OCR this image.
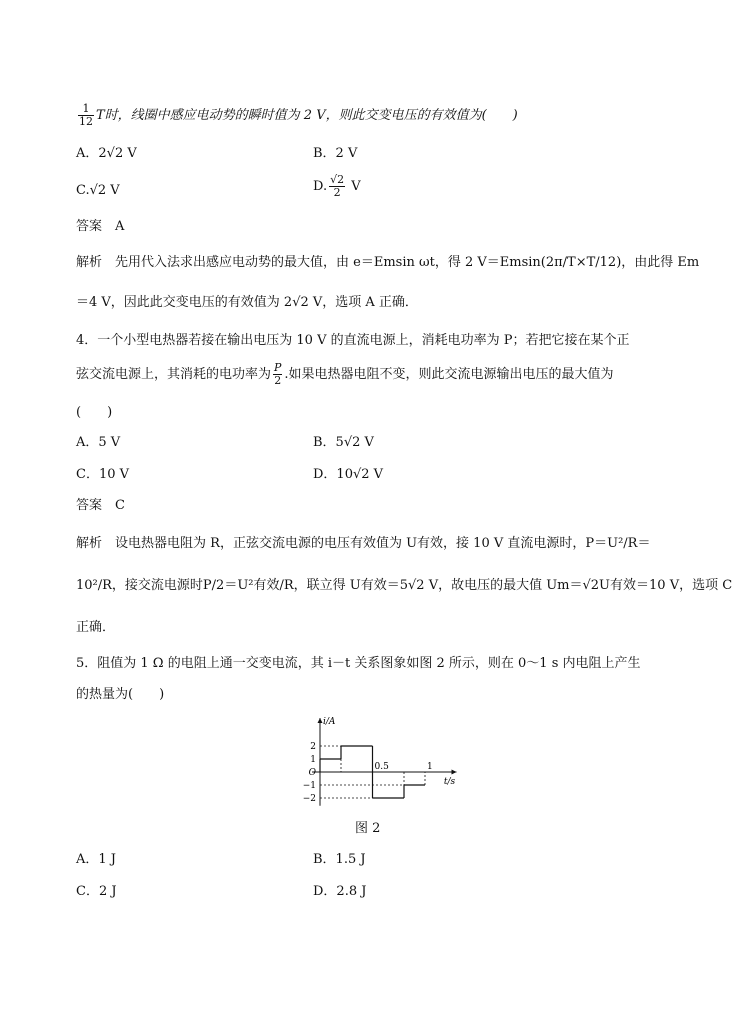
$\frac{1}{12}$ T时，线圈中感应电动势的瞬时值为 2 V，则此交变电压的有效值为(　　)
A．2√2 V	B．2 V
C.√2 V	D. $\frac{√2}{2}$ V
答案　 A
解析　 先用代入法求出感应电动势的最大值，由 e＝Emsin ωt，得 2 V＝Emsin(2π/T×T/12)，由此得 Em
＝4 V，因此此交变电压的有效值为 2√2 V，选项 A 正确．
4．一个小型电热器若接在输出电压为 10 V 的直流电源上，消耗电功率为 P；若把它接在某个正
弦交流电源上，其消耗的电功率为 $\frac{P}{2}$ .如果电热器电阻不变，则此交流电源输出电压的最大值为
(　　)
A．5 V	B．5√2 V
C．10 V	D．10√2 V
答案　 C
解析　 设电热器电阻为 R，正弦交流电源的电压有效值为 U有效，接 10 V 直流电源时，P＝U²/R＝
10²/R，接交流电源时P/2＝U²有效/R，联立得 U有效＝5√2 V，故电压的最大值 Um＝√2U有效＝10 V，选项 C
正确．
5．阻值为 1 Ω 的电阻上通一交变电流，其 i－t 关系图象如图 2 所示，则在 0～1 s 内电阻上产生
的热量为(　　)
i/A
t/s
2
1
O
−1
−2
0.5	1
图 2
A．1 J	B．1.5 J
C．2 J	D．2.8 J
